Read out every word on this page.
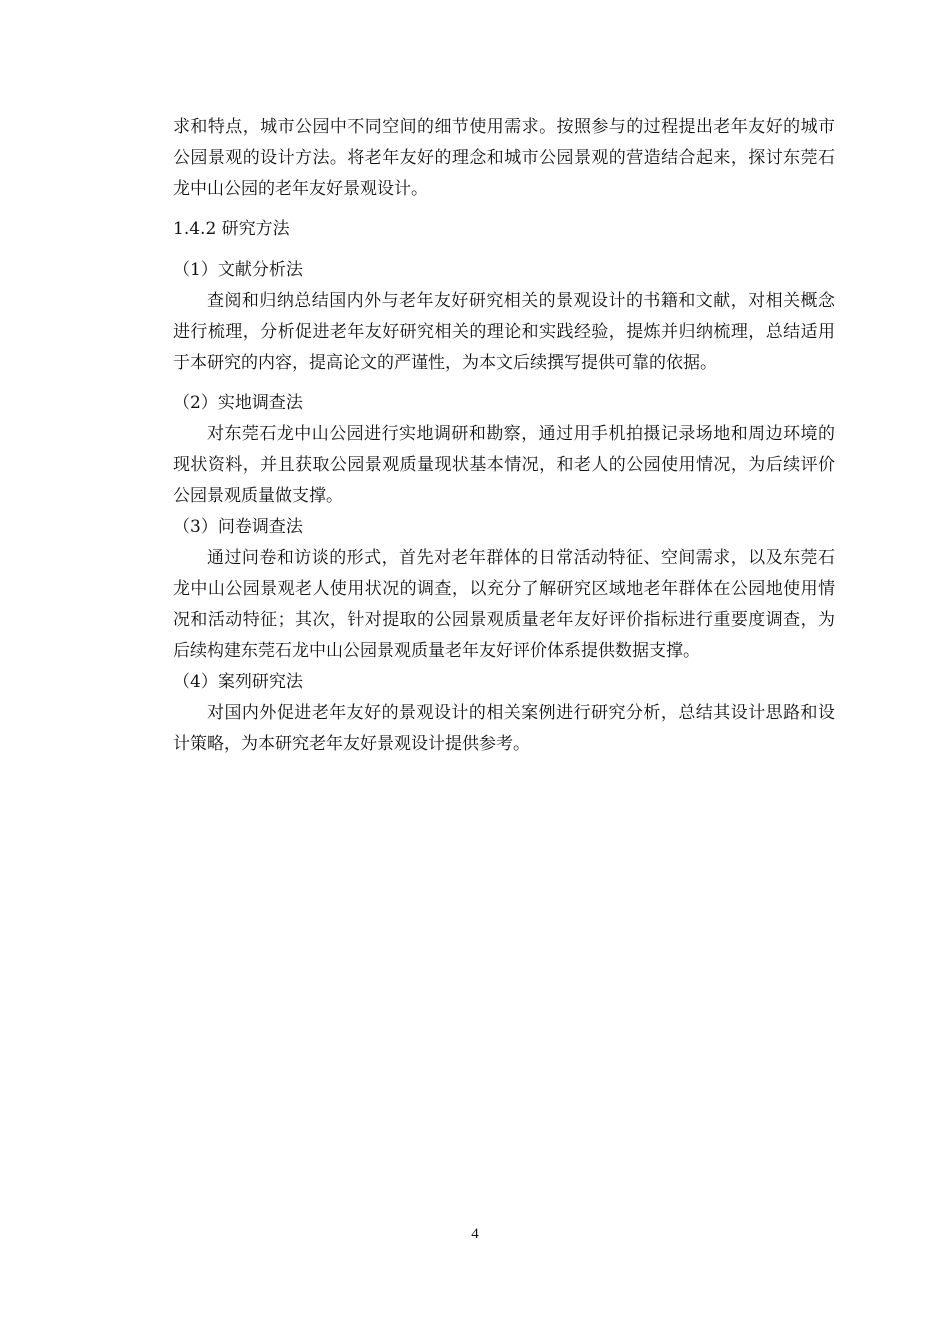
求和特点，城市公园中不同空间的细节使用需求。按照参与的过程提出老年友好的城市公园景观的设计方法。将老年友好的理念和城市公园景观的营造结合起来，探讨东莞石龙中山公园的老年友好景观设计。

1.4.2 研究方法

（1）文献分析法

查阅和归纳总结国内外与老年友好研究相关的景观设计的书籍和文献，对相关概念进行梳理，分析促进老年友好研究相关的理论和实践经验，提炼并归纳梳理，总结适用于本研究的内容，提高论文的严谨性，为本文后续撰写提供可靠的依据。

（2）实地调查法

对东莞石龙中山公园进行实地调研和勘察，通过用手机拍摄记录场地和周边环境的现状资料，并且获取公园景观质量现状基本情况，和老人的公园使用情况，为后续评价公园景观质量做支撑。

（3）问卷调查法

通过问卷和访谈的形式，首先对老年群体的日常活动特征、空间需求，以及东莞石龙中山公园景观老人使用状况的调查，以充分了解研究区域地老年群体在公园地使用情况和活动特征；其次，针对提取的公园景观质量老年友好评价指标进行重要度调查，为后续构建东莞石龙中山公园景观质量老年友好评价体系提供数据支撑。

（4）案列研究法

对国内外促进老年友好的景观设计的相关案例进行研究分析，总结其设计思路和设计策略，为本研究老年友好景观设计提供参考。

4
